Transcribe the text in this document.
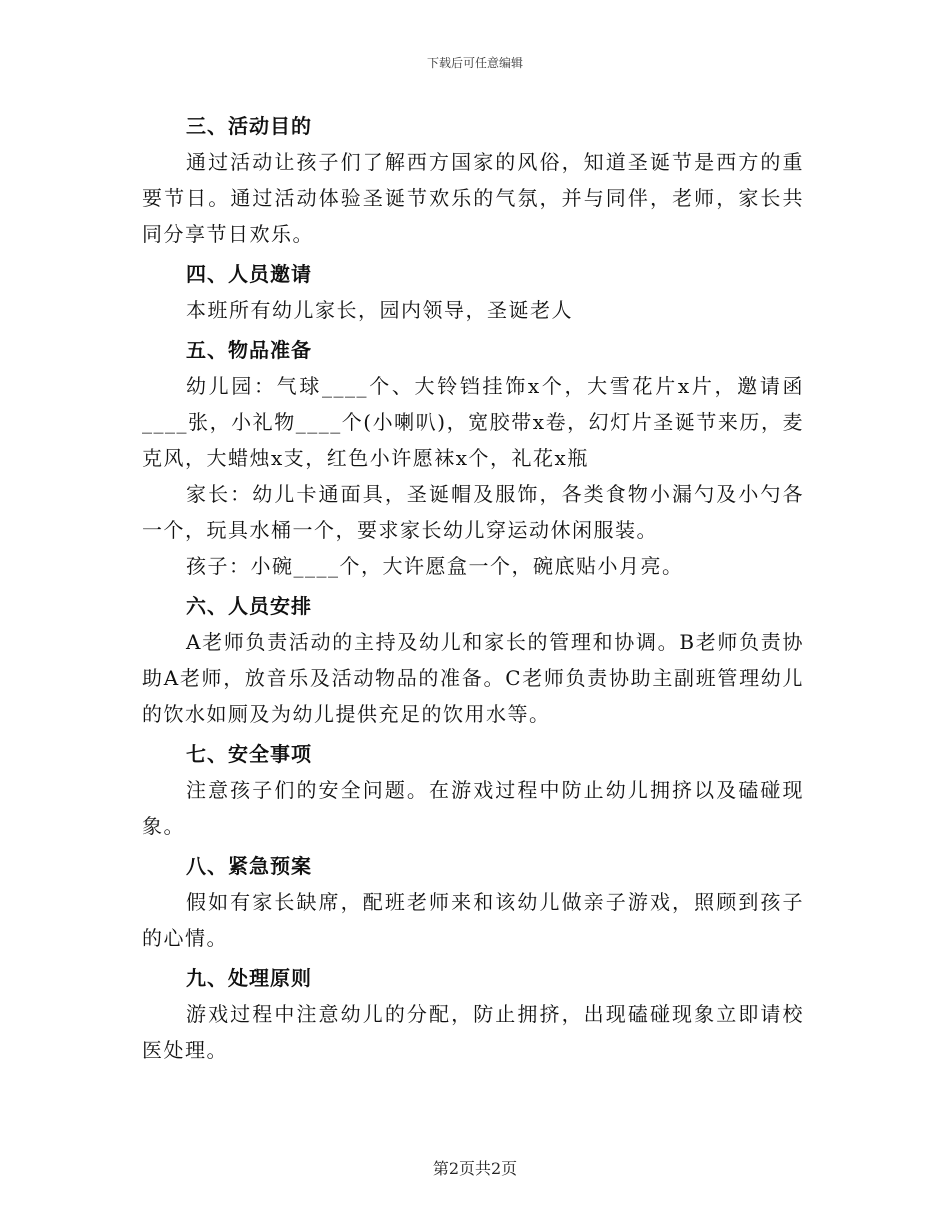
下载后可任意编辑

三、活动目的

通过活动让孩子们了解西方国家的风俗，知道圣诞节是西方的重要节日。通过活动体验圣诞节欢乐的气氛，并与同伴，老师，家长共同分享节日欢乐。

四、人员邀请

本班所有幼儿家长，园内领导，圣诞老人

五、物品准备

幼儿园：气球____个、大铃铛挂饰x个，大雪花片x片，邀请函____张，小礼物____个(小喇叭)，宽胶带x卷，幻灯片圣诞节来历，麦克风，大蜡烛x支，红色小许愿袜x个，礼花x瓶

家长：幼儿卡通面具，圣诞帽及服饰，各类食物小漏勺及小勺各一个，玩具水桶一个，要求家长幼儿穿运动休闲服装。

孩子：小碗____个，大许愿盒一个，碗底贴小月亮。

六、人员安排

A老师负责活动的主持及幼儿和家长的管理和协调。B老师负责协助A老师，放音乐及活动物品的准备。C老师负责协助主副班管理幼儿的饮水如厕及为幼儿提供充足的饮用水等。

七、安全事项

注意孩子们的安全问题。在游戏过程中防止幼儿拥挤以及磕碰现象。

八、紧急预案

假如有家长缺席，配班老师来和该幼儿做亲子游戏，照顾到孩子的心情。

九、处理原则

游戏过程中注意幼儿的分配，防止拥挤，出现磕碰现象立即请校医处理。

第2页共2页
